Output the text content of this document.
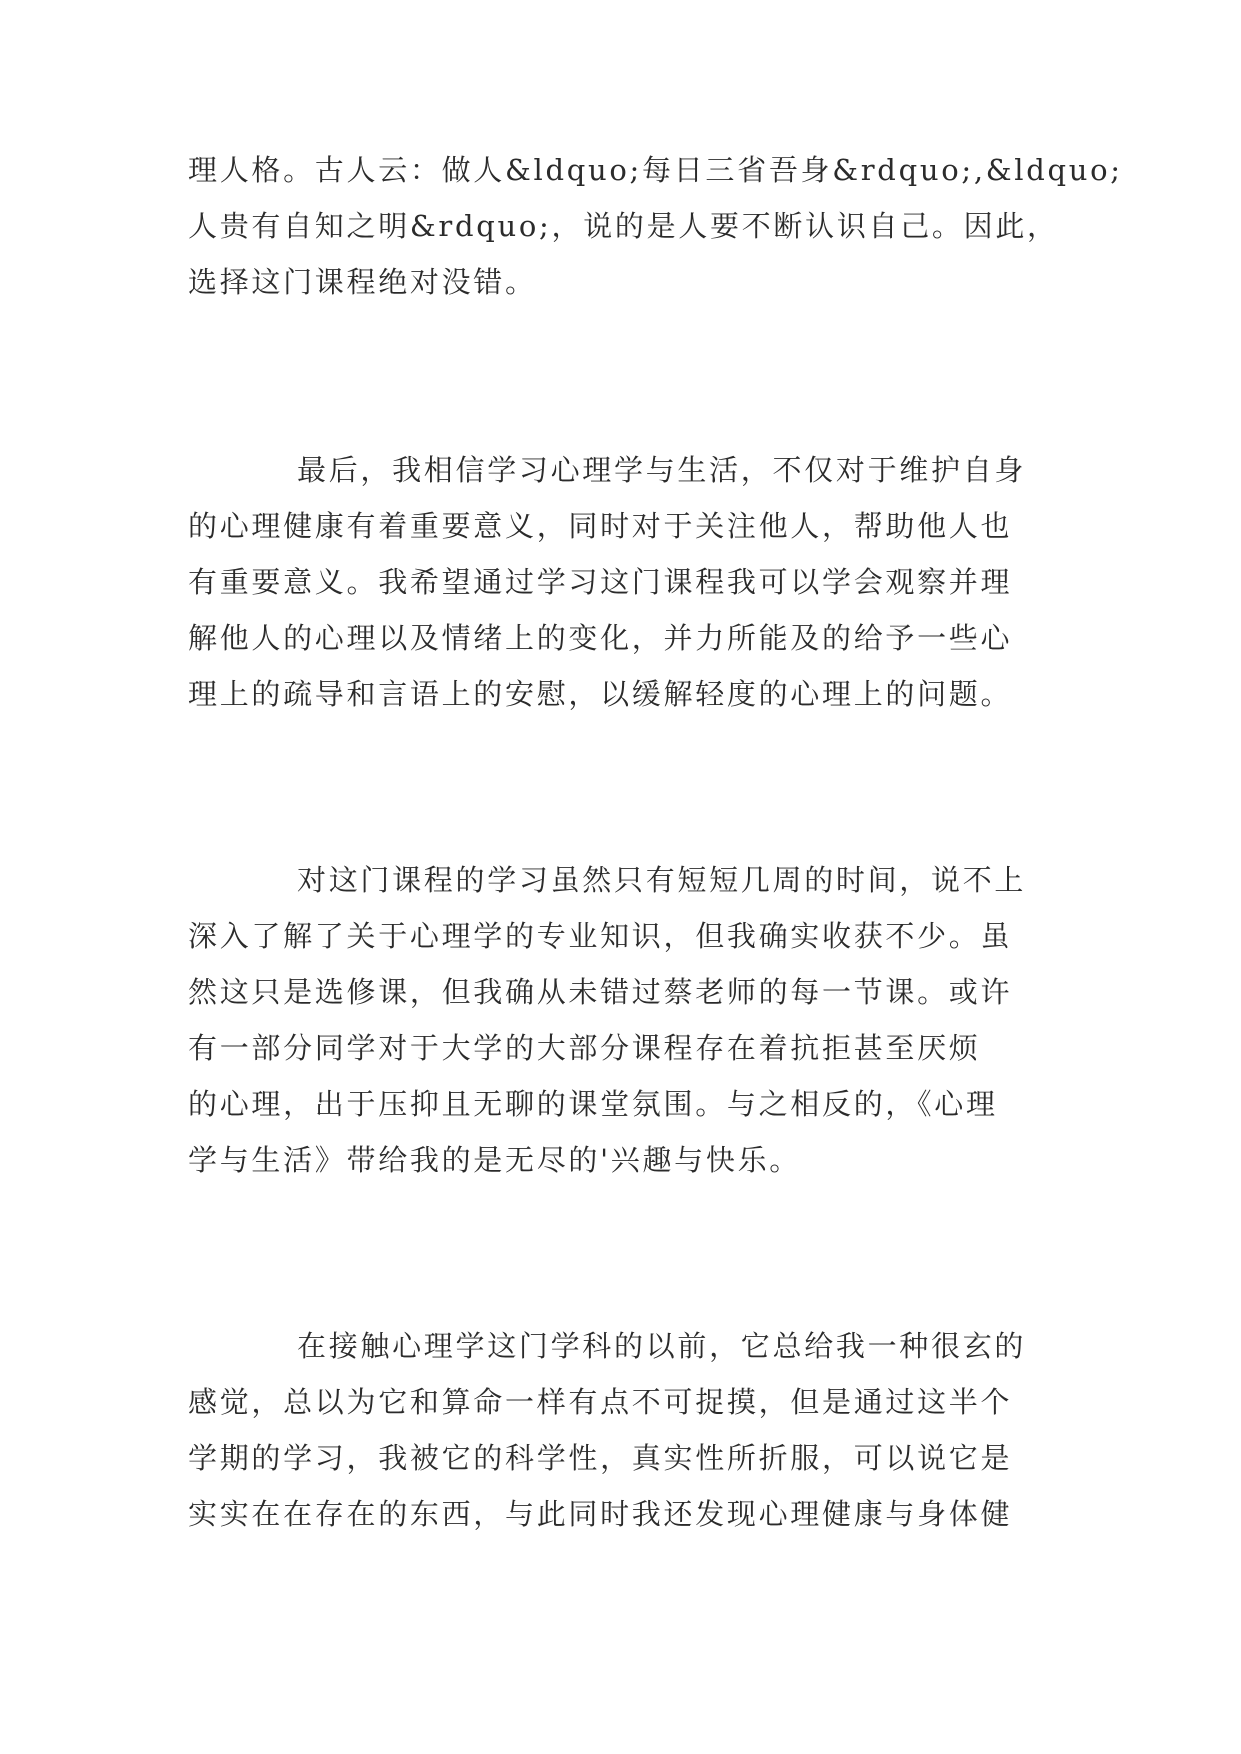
理人格。古人云：做人&ldquo;每日三省吾身&rdquo;,&ldquo;
人贵有自知之明&rdquo;，说的是人要不断认识自己。因此，
选择这门课程绝对没错。
最后，我相信学习心理学与生活，不仅对于维护自身
的心理健康有着重要意义，同时对于关注他人，帮助他人也
有重要意义。我希望通过学习这门课程我可以学会观察并理
解他人的心理以及情绪上的变化，并力所能及的给予一些心
理上的疏导和言语上的安慰，以缓解轻度的心理上的问题。
对这门课程的学习虽然只有短短几周的时间，说不上
深入了解了关于心理学的专业知识，但我确实收获不少。虽
然这只是选修课，但我确从未错过蔡老师的每一节课。或许
有一部分同学对于大学的大部分课程存在着抗拒甚至厌烦
的心理，出于压抑且无聊的课堂氛围。与之相反的，《心理
学与生活》带给我的是无尽的'兴趣与快乐。
在接触心理学这门学科的以前，它总给我一种很玄的
感觉，总以为它和算命一样有点不可捉摸，但是通过这半个
学期的学习，我被它的科学性，真实性所折服，可以说它是
实实在在存在的东西，与此同时我还发现心理健康与身体健
